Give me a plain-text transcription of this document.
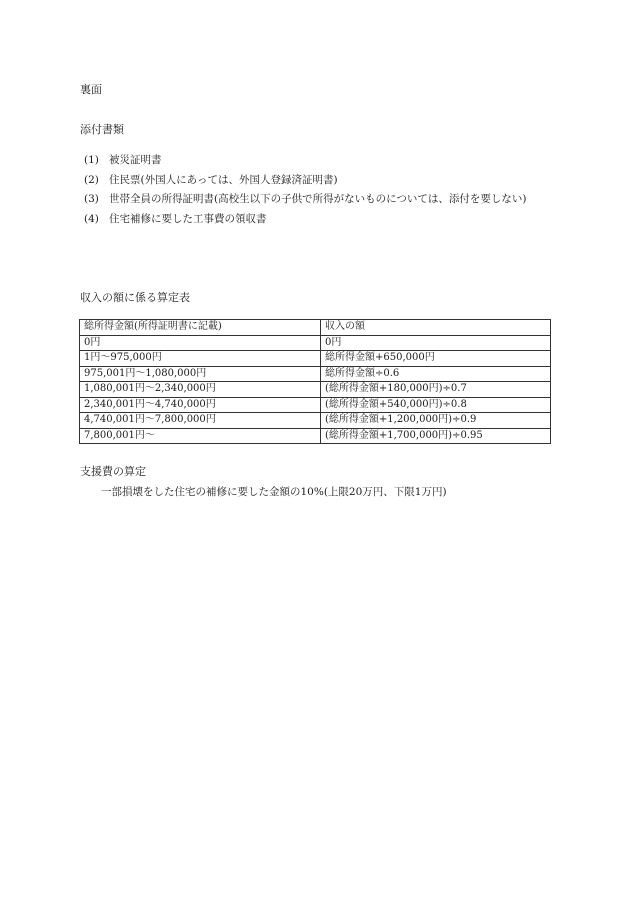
裏面
添付書類
(1) 被災証明書
(2) 住民票(外国人にあっては、外国人登録済証明書)
(3) 世帯全員の所得証明書(高校生以下の子供で所得がないものについては、添付を要しない)
(4) 住宅補修に要した工事費の領収書
収入の額に係る算定表
総所得金額(所得証明書に記載)	収入の額
0円	0円
1円〜975,000円	総所得金額+650,000円
975,001円〜1,080,000円	総所得金額÷0.6
1,080,001円〜2,340,000円	(総所得金額+180,000円)÷0.7
2,340,001円〜4,740,000円	(総所得金額+540,000円)÷0.8
4,740,001円〜7,800,000円	(総所得金額+1,200,000円)÷0.9
7,800,001円〜	(総所得金額+1,700,000円)÷0.95
支援費の算定
一部損壊をした住宅の補修に要した金額の10%(上限20万円、下限1万円)
